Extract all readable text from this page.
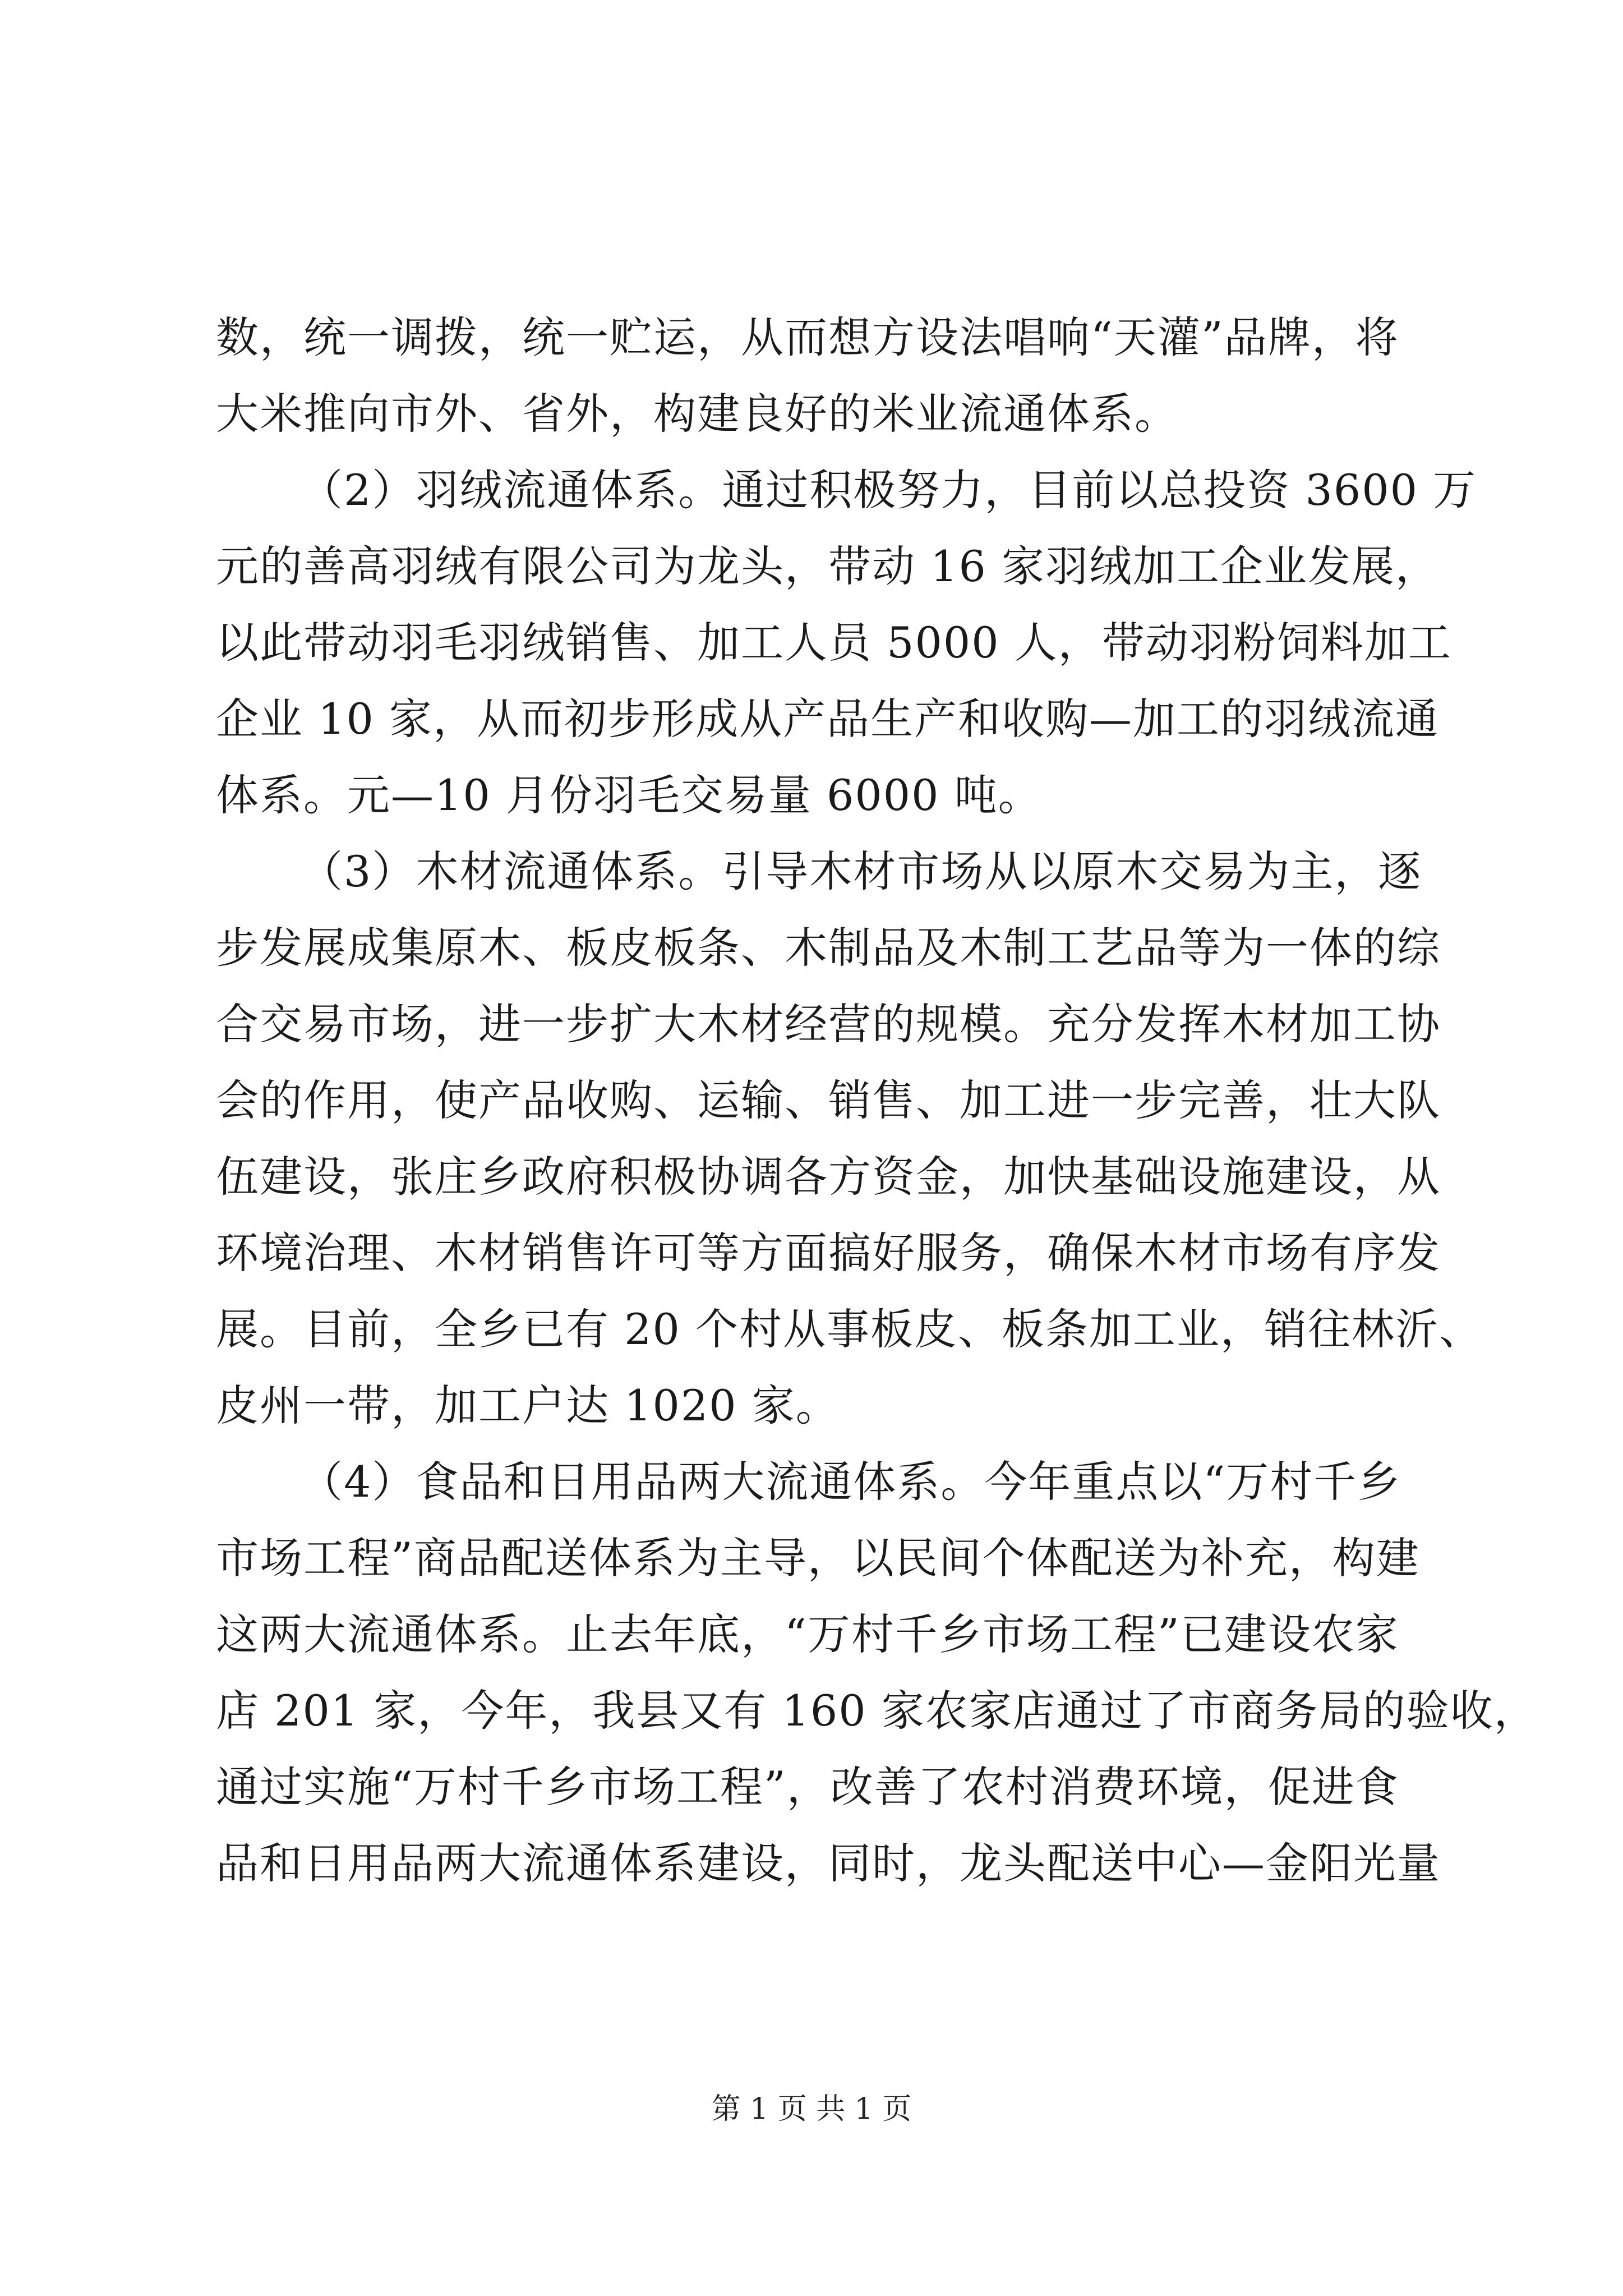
数，统一调拨，统一贮运，从而想方设法唱响“天灌”品牌，将
大米推向市外、省外，构建良好的米业流通体系。
（2）羽绒流通体系。通过积极努力，目前以总投资 3600 万
元的善高羽绒有限公司为龙头，带动 16 家羽绒加工企业发展，
以此带动羽毛羽绒销售、加工人员 5000 人，带动羽粉饲料加工
企业 10 家，从而初步形成从产品生产和收购—加工的羽绒流通
体系。元—10 月份羽毛交易量 6000 吨。
（3）木材流通体系。引导木材市场从以原木交易为主，逐
步发展成集原木、板皮板条、木制品及木制工艺品等为一体的综
合交易市场，进一步扩大木材经营的规模。充分发挥木材加工协
会的作用，使产品收购、运输、销售、加工进一步完善，壮大队
伍建设，张庄乡政府积极协调各方资金，加快基础设施建设，从
环境治理、木材销售许可等方面搞好服务，确保木材市场有序发
展。目前，全乡已有 20 个村从事板皮、板条加工业，销往林沂、
皮州一带，加工户达 1020 家。
（4）食品和日用品两大流通体系。今年重点以“万村千乡
市场工程”商品配送体系为主导，以民间个体配送为补充，构建
这两大流通体系。止去年底，“万村千乡市场工程”已建设农家
店 201 家，今年，我县又有 160 家农家店通过了市商务局的验收，
通过实施“万村千乡市场工程”，改善了农村消费环境，促进食
品和日用品两大流通体系建设，同时，龙头配送中心—金阳光量
第 1 页 共 1 页
